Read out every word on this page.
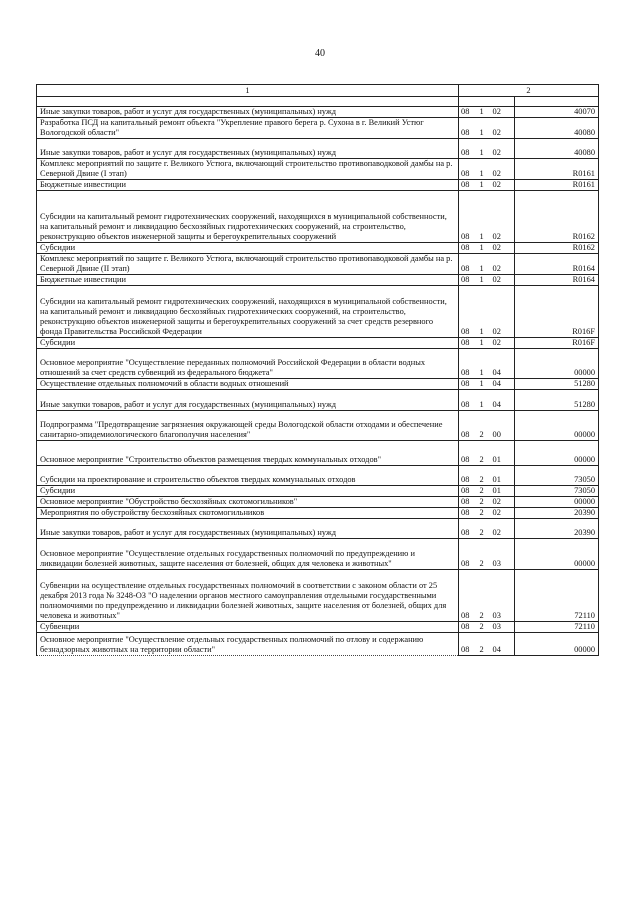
40
1	2			

Иные закупки товаров, работ и услуг для государственных (муниципальных) нужд	08	1	02	40070
Разработка ПСД на капитальный ремонт объекта "Укрепление правого берега р. Сухона в г. Великий Устюг Вологодской области"	08	1	02	40080
Иные закупки товаров, работ и услуг для государственных (муниципальных) нужд	08	1	02	40080
Комплекс мероприятий по защите г. Великого Устюга, включающий строительство противопаводковой дамбы на р. Северной Двине (I этап)	08	1	02	R0161
Бюджетные инвестиции	08	1	02	R0161
Субсидии на капитальный ремонт гидротехнических сооружений, находящихся в муниципальной собственности, на капитальный ремонт и ликвидацию бесхозяйных гидротехнических сооружений, на строительство, реконструкцию объектов инженерной защиты и берегоукрепительных сооружений	08	1	02	R0162
Субсидии	08	1	02	R0162
Комплекс мероприятий по защите г. Великого Устюга, включающий строительство противопаводковой дамбы на р. Северной Двине (II этап)	08	1	02	R0164
Бюджетные инвестиции	08	1	02	R0164
Субсидии на капитальный ремонт гидротехнических сооружений, находящихся в муниципальной собственности, на капитальный ремонт и ликвидацию бесхозяйных гидротехнических сооружений, на строительство, реконструкцию объектов инженерной защиты и берегоукрепительных сооружений за счет средств резервного фонда Правительства Российской Федерации	08	1	02	R016F
Субсидии	08	1	02	R016F
Основное мероприятие "Осуществление переданных полномочий Российской Федерации в области водных отношений за счет средств субвенций из федерального бюджета"	08	1	04	00000
Осуществление отдельных полномочий в области водных отношений	08	1	04	51280
Иные закупки товаров, работ и услуг для государственных (муниципальных) нужд	08	1	04	51280
Подпрограмма "Предотвращение загрязнения окружающей среды Вологодской области отходами и обеспечение санитарно-эпидемиологического благополучия населения"	08	2	00	00000
Основное мероприятие "Строительство объектов размещения твердых коммунальных отходов"	08	2	01	00000
Субсидии на проектирование и строительство объектов твердых коммунальных отходов	08	2	01	73050
Субсидии	08	2	01	73050
Основное мероприятие "Обустройство бесхозяйных скотомогильников"	08	2	02	00000
Мероприятия по обустройству бесхозяйных скотомогильников	08	2	02	20390
Иные закупки товаров, работ и услуг для государственных (муниципальных) нужд	08	2	02	20390
Основное мероприятие "Осуществление отдельных государственных полномочий по предупреждению и ликвидации болезней животных, защите населения от болезней, общих для человека и животных"	08	2	03	00000
Субвенции на осуществление отдельных государственных полномочий в соответствии с законом области от 25 декабря 2013 года № 3248-ОЗ "О наделении органов местного самоуправления отдельными государственными полномочиями по предупреждению и ликвидации болезней животных, защите населения от болезней, общих для человека и животных"	08	2	03	72110
Субвенции	08	2	03	72110
Основное мероприятие "Осуществление отдельных государственных полномочий по отлову и содержанию безнадзорных животных на территории области"	08	2	04	00000
